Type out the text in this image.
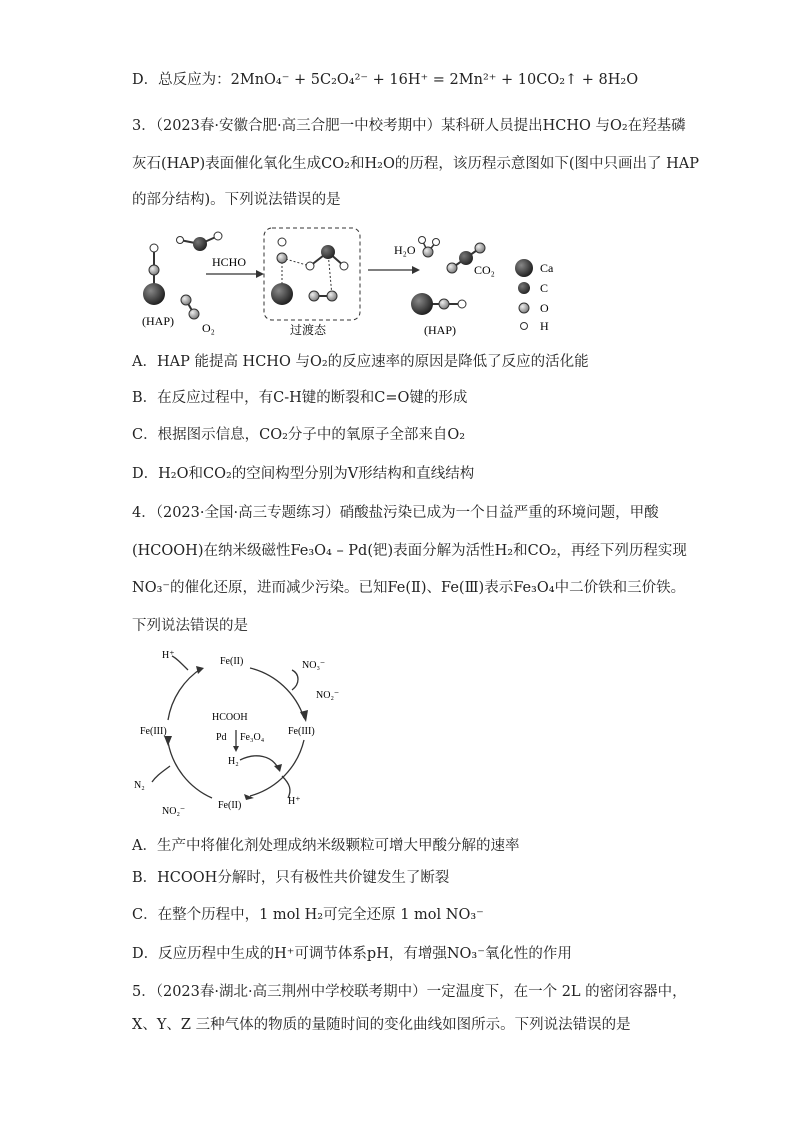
D．总反应为：2MnO₄⁻ + 5C₂O₄²⁻ + 16H⁺ = 2Mn²⁺ + 10CO₂↑ + 8H₂O
3．（2023春·安徽合肥·高三合肥一中校考期中）某科研人员提出HCHO 与O₂在羟基磷
灰石(HAP)表面催化氧化生成CO₂和H₂O的历程，该历程示意图如下(图中只画出了 HAP
的部分结构)。下列说法错误的是
(HAP) O₂
HCHO
过渡态
H₂O
CO₂
(HAP)
Ca
C
O
H
A．HAP 能提高 HCHO 与O₂的反应速率的原因是降低了反应的活化能
B．在反应过程中，有C-H键的断裂和C=O键的形成
C．根据图示信息，CO₂分子中的氧原子全部来自O₂
D．H₂O和CO₂的空间构型分别为V形结构和直线结构
4．（2023·全国·高三专题练习）硝酸盐污染已成为一个日益严重的环境问题，甲酸
(HCOOH)在纳米级磁性Fe₃O₄ – Pd(钯)表面分解为活性H₂和CO₂，再经下列历程实现
NO₃⁻的催化还原，进而减少污染。已知Fe(Ⅱ)、Fe(Ⅲ)表示Fe₃O₄中二价铁和三价铁。
下列说法错误的是
H⁺
Fe(II)	NO₃⁻
NO₂⁻
Fe(III)	Fe(III)
HCOOH
Pd Fe₃O₄
H₂
N₂
NO₂⁻
Fe(II)	H⁺
A．生产中将催化剂处理成纳米级颗粒可增大甲酸分解的速率
B．HCOOH分解时，只有极性共价键发生了断裂
C．在整个历程中，1 mol H₂可完全还原 1 mol NO₃⁻
D．反应历程中生成的H⁺可调节体系pH，有增强NO₃⁻氧化性的作用
5．（2023春·湖北·高三荆州中学校联考期中）一定温度下，在一个 2L 的密闭容器中，
X、Y、Z 三种气体的物质的量随时间的变化曲线如图所示。下列说法错误的是
